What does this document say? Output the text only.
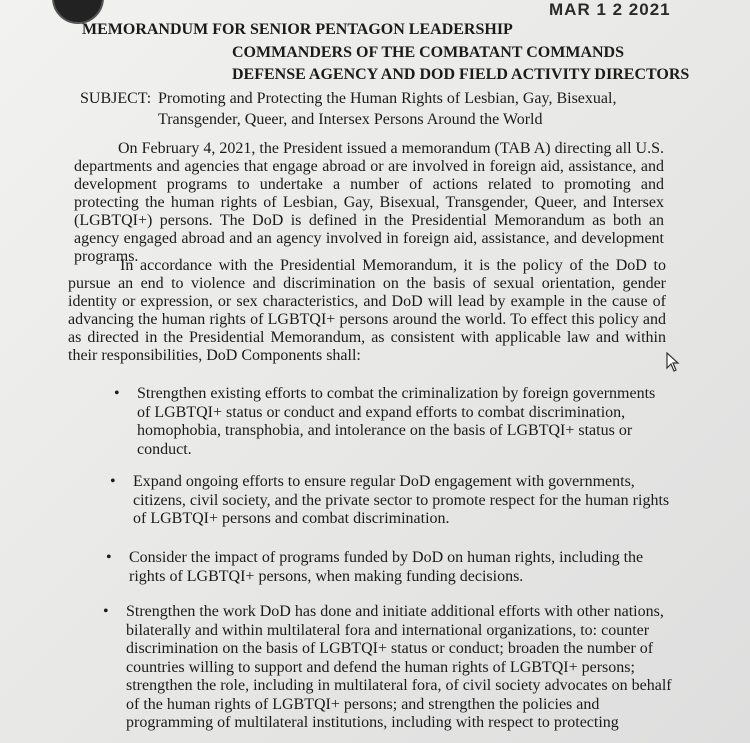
MAR 1 2 2021
MEMORANDUM FOR SENIOR PENTAGON LEADERSHIP
COMMANDERS OF THE COMBATANT COMMANDS
DEFENSE AGENCY AND DOD FIELD ACTIVITY DIRECTORS
SUBJECT: Promoting and Protecting the Human Rights of Lesbian, Gay, Bisexual,
Transgender, Queer, and Intersex Persons Around the World
On February 4, 2021, the President issued a memorandum (TAB A) directing all U.S. departments and agencies that engage abroad or are involved in foreign aid, assistance, and development programs to undertake a number of actions related to promoting and protecting the human rights of Lesbian, Gay, Bisexual, Transgender, Queer, and Intersex (LGBTQI+) persons. The DoD is defined in the Presidential Memorandum as both an agency engaged abroad and an agency involved in foreign aid, assistance, and development programs.
In accordance with the Presidential Memorandum, it is the policy of the DoD to pursue an end to violence and discrimination on the basis of sexual orientation, gender identity or expression, or sex characteristics, and DoD will lead by example in the cause of advancing the human rights of LGBTQI+ persons around the world. To effect this policy and as directed in the Presidential Memorandum, as consistent with applicable law and within their responsibilities, DoD Components shall:
• Strengthen existing efforts to combat the criminalization by foreign governments of LGBTQI+ status or conduct and expand efforts to combat discrimination, homophobia, transphobia, and intolerance on the basis of LGBTQI+ status or conduct.
• Expand ongoing efforts to ensure regular DoD engagement with governments, citizens, civil society, and the private sector to promote respect for the human rights of LGBTQI+ persons and combat discrimination.
• Consider the impact of programs funded by DoD on human rights, including the rights of LGBTQI+ persons, when making funding decisions.
• Strengthen the work DoD has done and initiate additional efforts with other nations, bilaterally and within multilateral fora and international organizations, to: counter discrimination on the basis of LGBTQI+ status or conduct; broaden the number of countries willing to support and defend the human rights of LGBTQI+ persons; strengthen the role, including in multilateral fora, of civil society advocates on behalf of the human rights of LGBTQI+ persons; and strengthen the policies and programming of multilateral institutions, including with respect to protecting
